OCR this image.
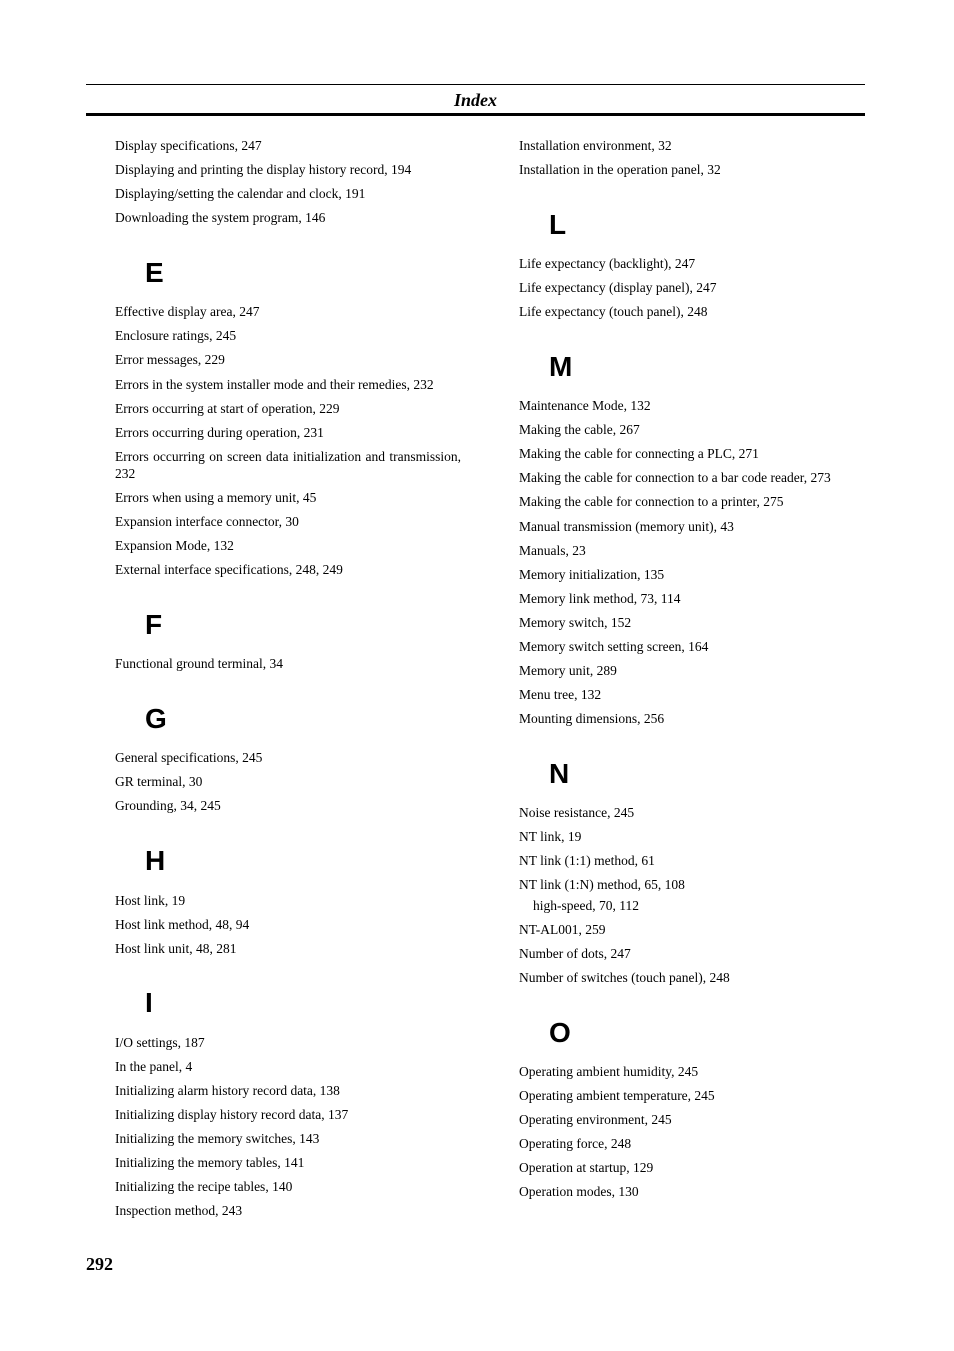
Index
Display specifications, 247
Displaying and printing the display history record, 194
Displaying/setting the calendar and clock, 191
Downloading the system program, 146
E
Effective display area, 247
Enclosure ratings, 245
Error messages, 229
Errors in the system installer mode and their remedies, 232
Errors occurring at start of operation, 229
Errors occurring during operation, 231
Errors occurring on screen data initialization and transmission, 232
Errors when using a memory unit, 45
Expansion interface connector, 30
Expansion Mode, 132
External interface specifications, 248, 249
F
Functional ground terminal, 34
G
General specifications, 245
GR terminal, 30
Grounding, 34, 245
H
Host link, 19
Host link method, 48, 94
Host link unit, 48, 281
I
I/O settings, 187
In the panel, 4
Initializing alarm history record data, 138
Initializing display history record data, 137
Initializing the memory switches, 143
Initializing the memory tables, 141
Initializing the recipe tables, 140
Inspection method, 243
Installation environment, 32
Installation in the operation panel, 32
L
Life expectancy (backlight), 247
Life expectancy (display panel), 247
Life expectancy (touch panel), 248
M
Maintenance Mode, 132
Making the cable, 267
Making the cable for connecting a PLC, 271
Making the cable for connection to a bar code reader, 273
Making the cable for connection to a printer, 275
Manual transmission (memory unit), 43
Manuals, 23
Memory initialization, 135
Memory link method, 73, 114
Memory switch, 152
Memory switch setting screen, 164
Memory unit, 289
Menu tree, 132
Mounting dimensions, 256
N
Noise resistance, 245
NT link, 19
NT link (1:1) method, 61
NT link (1:N) method, 65, 108
high-speed, 70, 112
NT-AL001, 259
Number of dots, 247
Number of switches (touch panel), 248
O
Operating ambient humidity, 245
Operating ambient temperature, 245
Operating environment, 245
Operating force, 248
Operation at startup, 129
Operation modes, 130
292
